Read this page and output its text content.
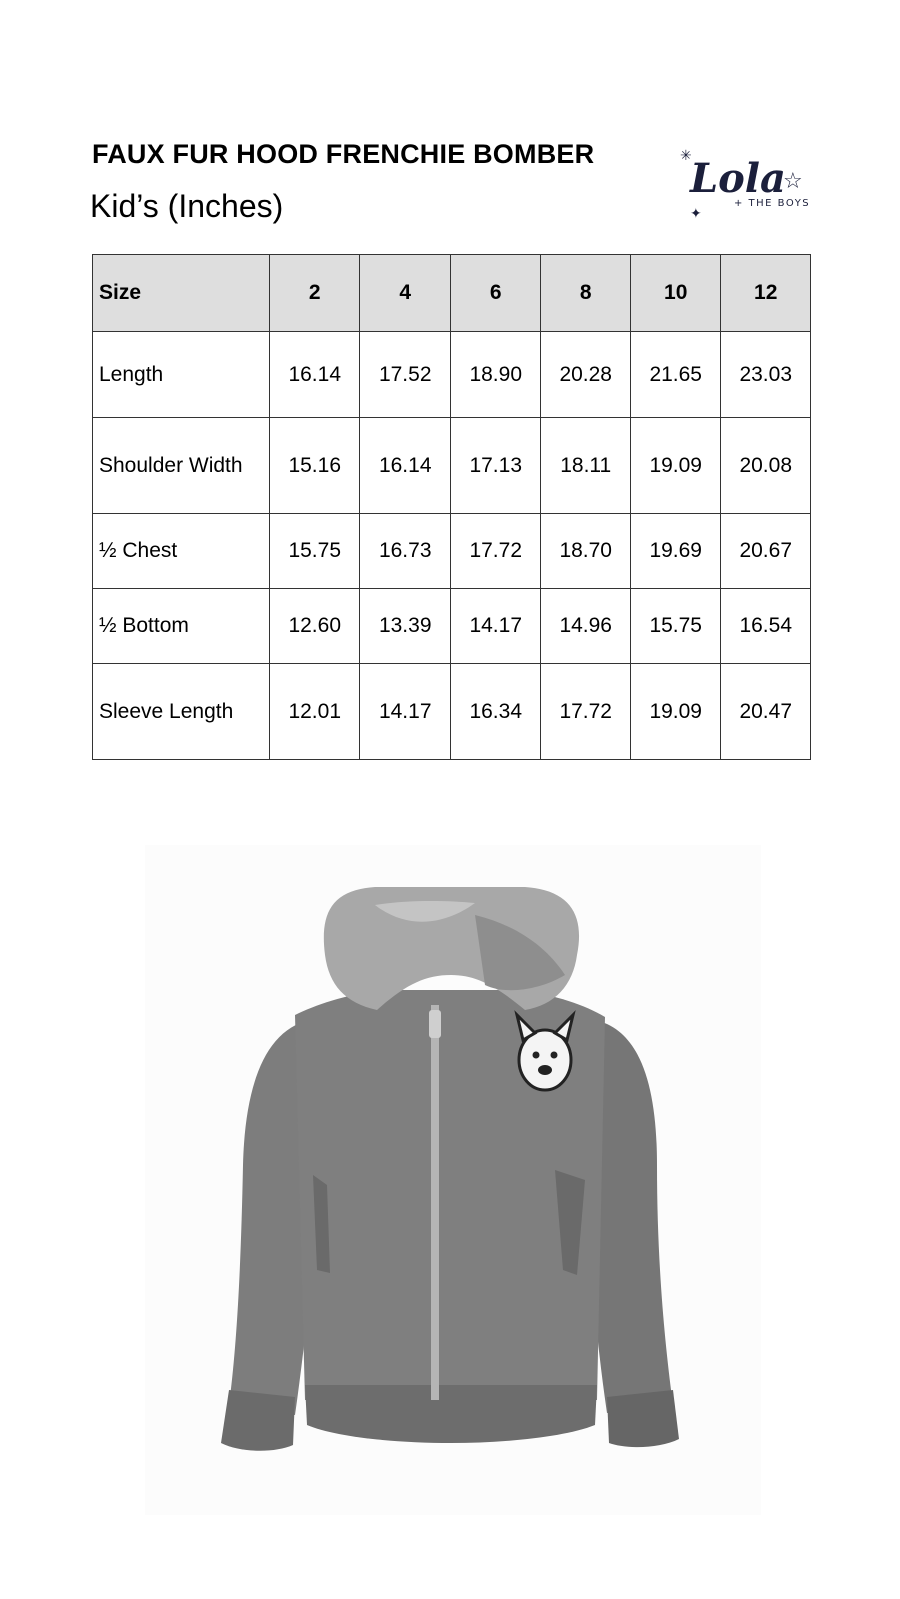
FAUX FUR HOOD FRENCHIE BOMBER
Kid’s (Inches)
✳
Lola
☆
✦
+ THE BOYS
Size	2	4	6	8	10	12
Length	16.14	17.52	18.90	20.28	21.65	23.03
Shoulder Width	15.16	16.14	17.13	18.11	19.09	20.08
½ Chest	15.75	16.73	17.72	18.70	19.69	20.67
½ Bottom	12.60	13.39	14.17	14.96	15.75	16.54
Sleeve Length	12.01	14.17	16.34	17.72	19.09	20.47
